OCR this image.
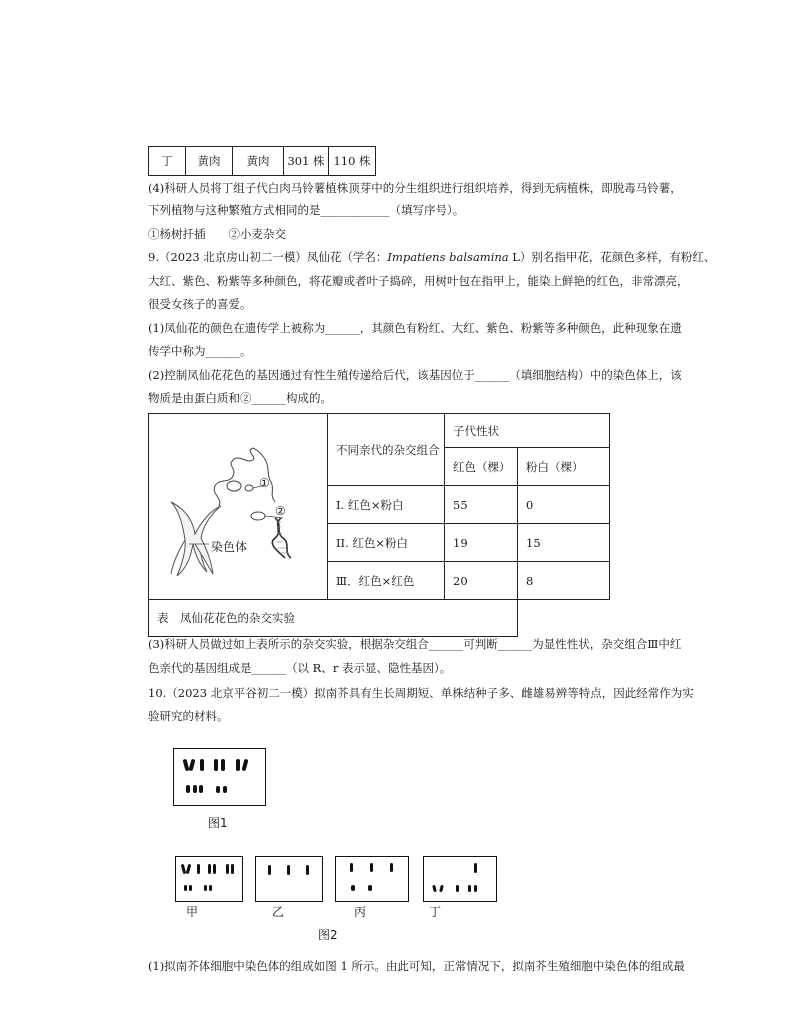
丁	黄肉	黄肉	301 株	110 株
(4)科研人员将丁组子代白肉马铃薯植株顶芽中的分生组织进行组织培养，得到无病植株，即脱毒马铃薯，
下列植物与这种繁殖方式相同的是____________（填写序号）。
①杨树扦插　　②小麦杂交
9.（2023 北京房山初二一模）凤仙花（学名：Impatiens balsamina L）别名指甲花，花颜色多样，有粉红、
大红、紫色、粉紫等多种颜色，将花瓣或者叶子捣碎，用树叶包在指甲上，能染上鲜艳的红色，非常漂亮，
很受女孩子的喜爱。
(1)凤仙花的颜色在遗传学上被称为______，其颜色有粉红、大红、紫色、粉紫等多种颜色，此种现象在遗
传学中称为______。
(2)控制凤仙花花色的基因通过有性生殖传递给后代，该基因位于______（填细胞结构）中的染色体上，该
物质是由蛋白质和②______构成的。
①
②
染色体	不同亲代的杂交组合	子代性状	
		红色（棵）	粉白（棵）
	I. 红色×粉白	55	0
	II. 红色×粉白	19	15
	Ⅲ．红色×红色	20	8
表　凤仙花花色的杂交实验			
(3)科研人员做过如上表所示的杂交实验，根据杂交组合______可判断______为显性性状，杂交组合Ⅲ中红
色亲代的基因组成是______（以 R、r 表示显、隐性基因）。
10.（2023 北京平谷初二一模）拟南芥具有生长周期短、单株结种子多、雌雄易辨等特点，因此经常作为实
验研究的材料。
图1
甲	乙	丙	丁
图2
(1)拟南芥体细胞中染色体的组成如图 1 所示。由此可知，正常情况下，拟南芥生殖细胞中染色体的组成最
